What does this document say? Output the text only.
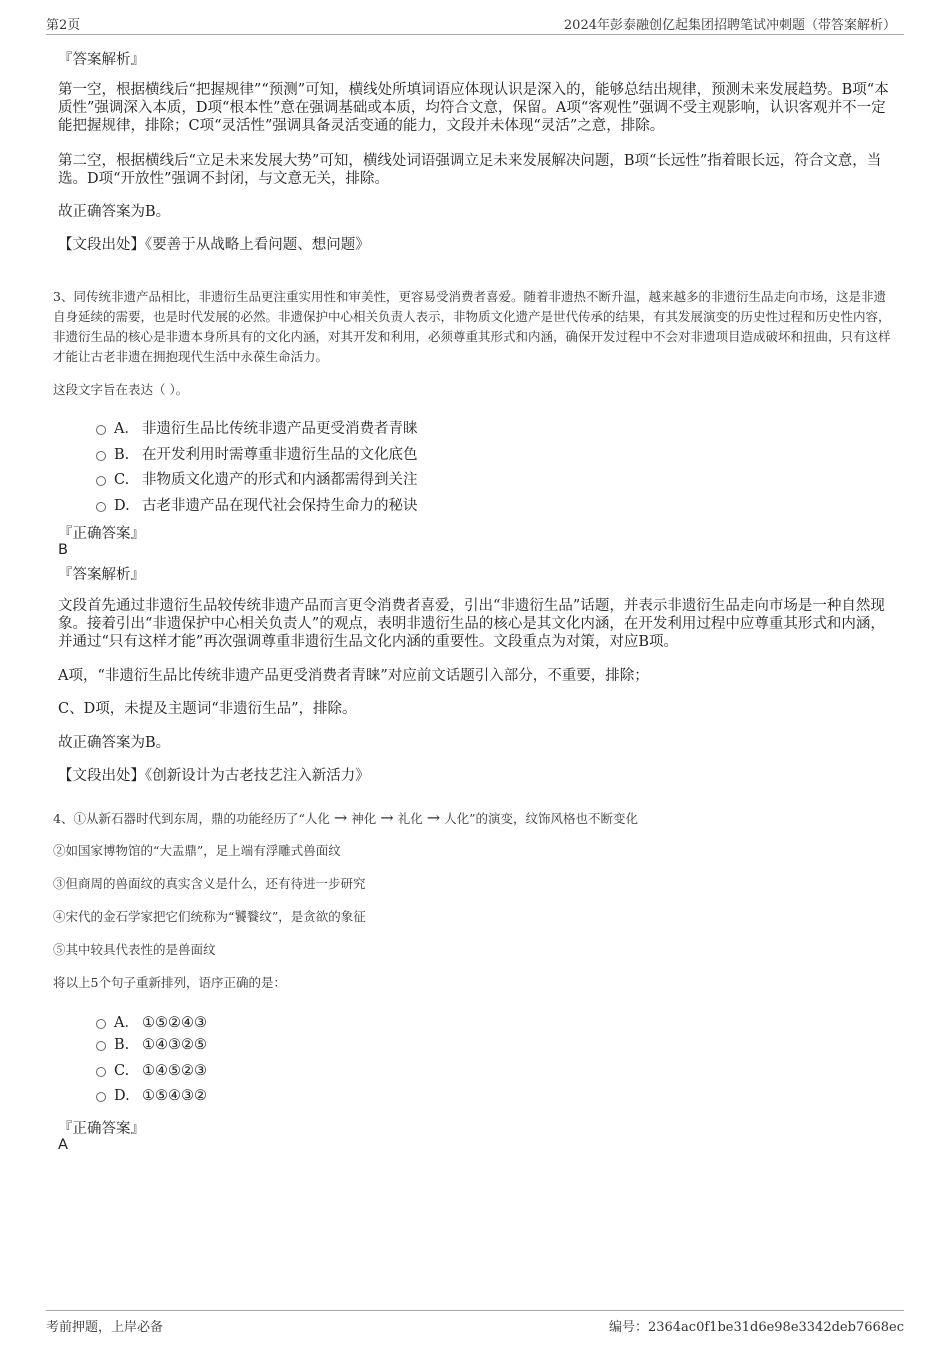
第2页	2024年彭泰融创亿起集团招聘笔试冲刺题（带答案解析）
『答案解析』
第一空，根据横线后“把握规律”“预测”可知，横线处所填词语应体现认识是深入的，能够总结出规律，预测未来发展趋势。B项“本质性”强调深入本质，D项“根本性”意在强调基础或本质，均符合文意，保留。A项“客观性”强调不受主观影响，认识客观并不一定能把握规律，排除；C项“灵活性”强调具备灵活变通的能力，文段并未体现“灵活”之意，排除。
第二空，根据横线后“立足未来发展大势”可知，横线处词语强调立足未来发展解决问题，B项“长远性”指着眼长远，符合文意，当选。D项“开放性”强调不封闭，与文意无关，排除。
故正确答案为B。
【文段出处】《要善于从战略上看问题、想问题》
3、同传统非遗产品相比，非遗衍生品更注重实用性和审美性，更容易受消费者喜爱。随着非遗热不断升温，越来越多的非遗衍生品走向市场，这是非遗自身延续的需要，也是时代发展的必然。非遗保护中心相关负责人表示，非物质文化遗产是世代传承的结果，有其发展演变的历史性过程和历史性内容，非遗衍生品的核心是非遗本身所具有的文化内涵，对其开发和利用，必须尊重其形式和内涵，确保开发过程中不会对非遗项目造成破坏和扭曲，只有这样才能让古老非遗在拥抱现代生活中永葆生命活力。
这段文字旨在表达（ ）。
A． 非遗衍生品比传统非遗产品更受消费者青睐
B. 在开发利用时需尊重非遗衍生品的文化底色
C. 非物质文化遗产的形式和内涵都需得到关注
D. 古老非遗产品在现代社会保持生命力的秘诀
『正确答案』
B
『答案解析』
文段首先通过非遗衍生品较传统非遗产品而言更令消费者喜爱，引出“非遗衍生品”话题，并表示非遗衍生品走向市场是一种自然现象。接着引出“非遗保护中心相关负责人”的观点，表明非遗衍生品的核心是其文化内涵，在开发利用过程中应尊重其形式和内涵，并通过“只有这样才能”再次强调尊重非遗衍生品文化内涵的重要性。文段重点为对策，对应B项。
A项，“非遗衍生品比传统非遗产品更受消费者青睐”对应前文话题引入部分，不重要，排除；
C、D项，未提及主题词“非遗衍生品”，排除。
故正确答案为B。
【文段出处】《创新设计为古老技艺注入新活力》
4、①从新石器时代到东周，鼎的功能经历了“人化 → 神化 → 礼化 → 人化”的演变，纹饰风格也不断变化
②如国家博物馆的“大盂鼎”，足上端有浮雕式兽面纹
③但商周的兽面纹的真实含义是什么，还有待进一步研究
④宋代的金石学家把它们统称为“饕餮纹”，是贪欲的象征
⑤其中较具代表性的是兽面纹
将以上5个句子重新排列，语序正确的是：
A． ①⑤②④③
B. ①④③②⑤
C. ①④⑤②③
D. ①⑤④③②
『正确答案』
A
考前押题，上岸必备	编号：2364ac0f1be31d6e98e3342deb7668ec
